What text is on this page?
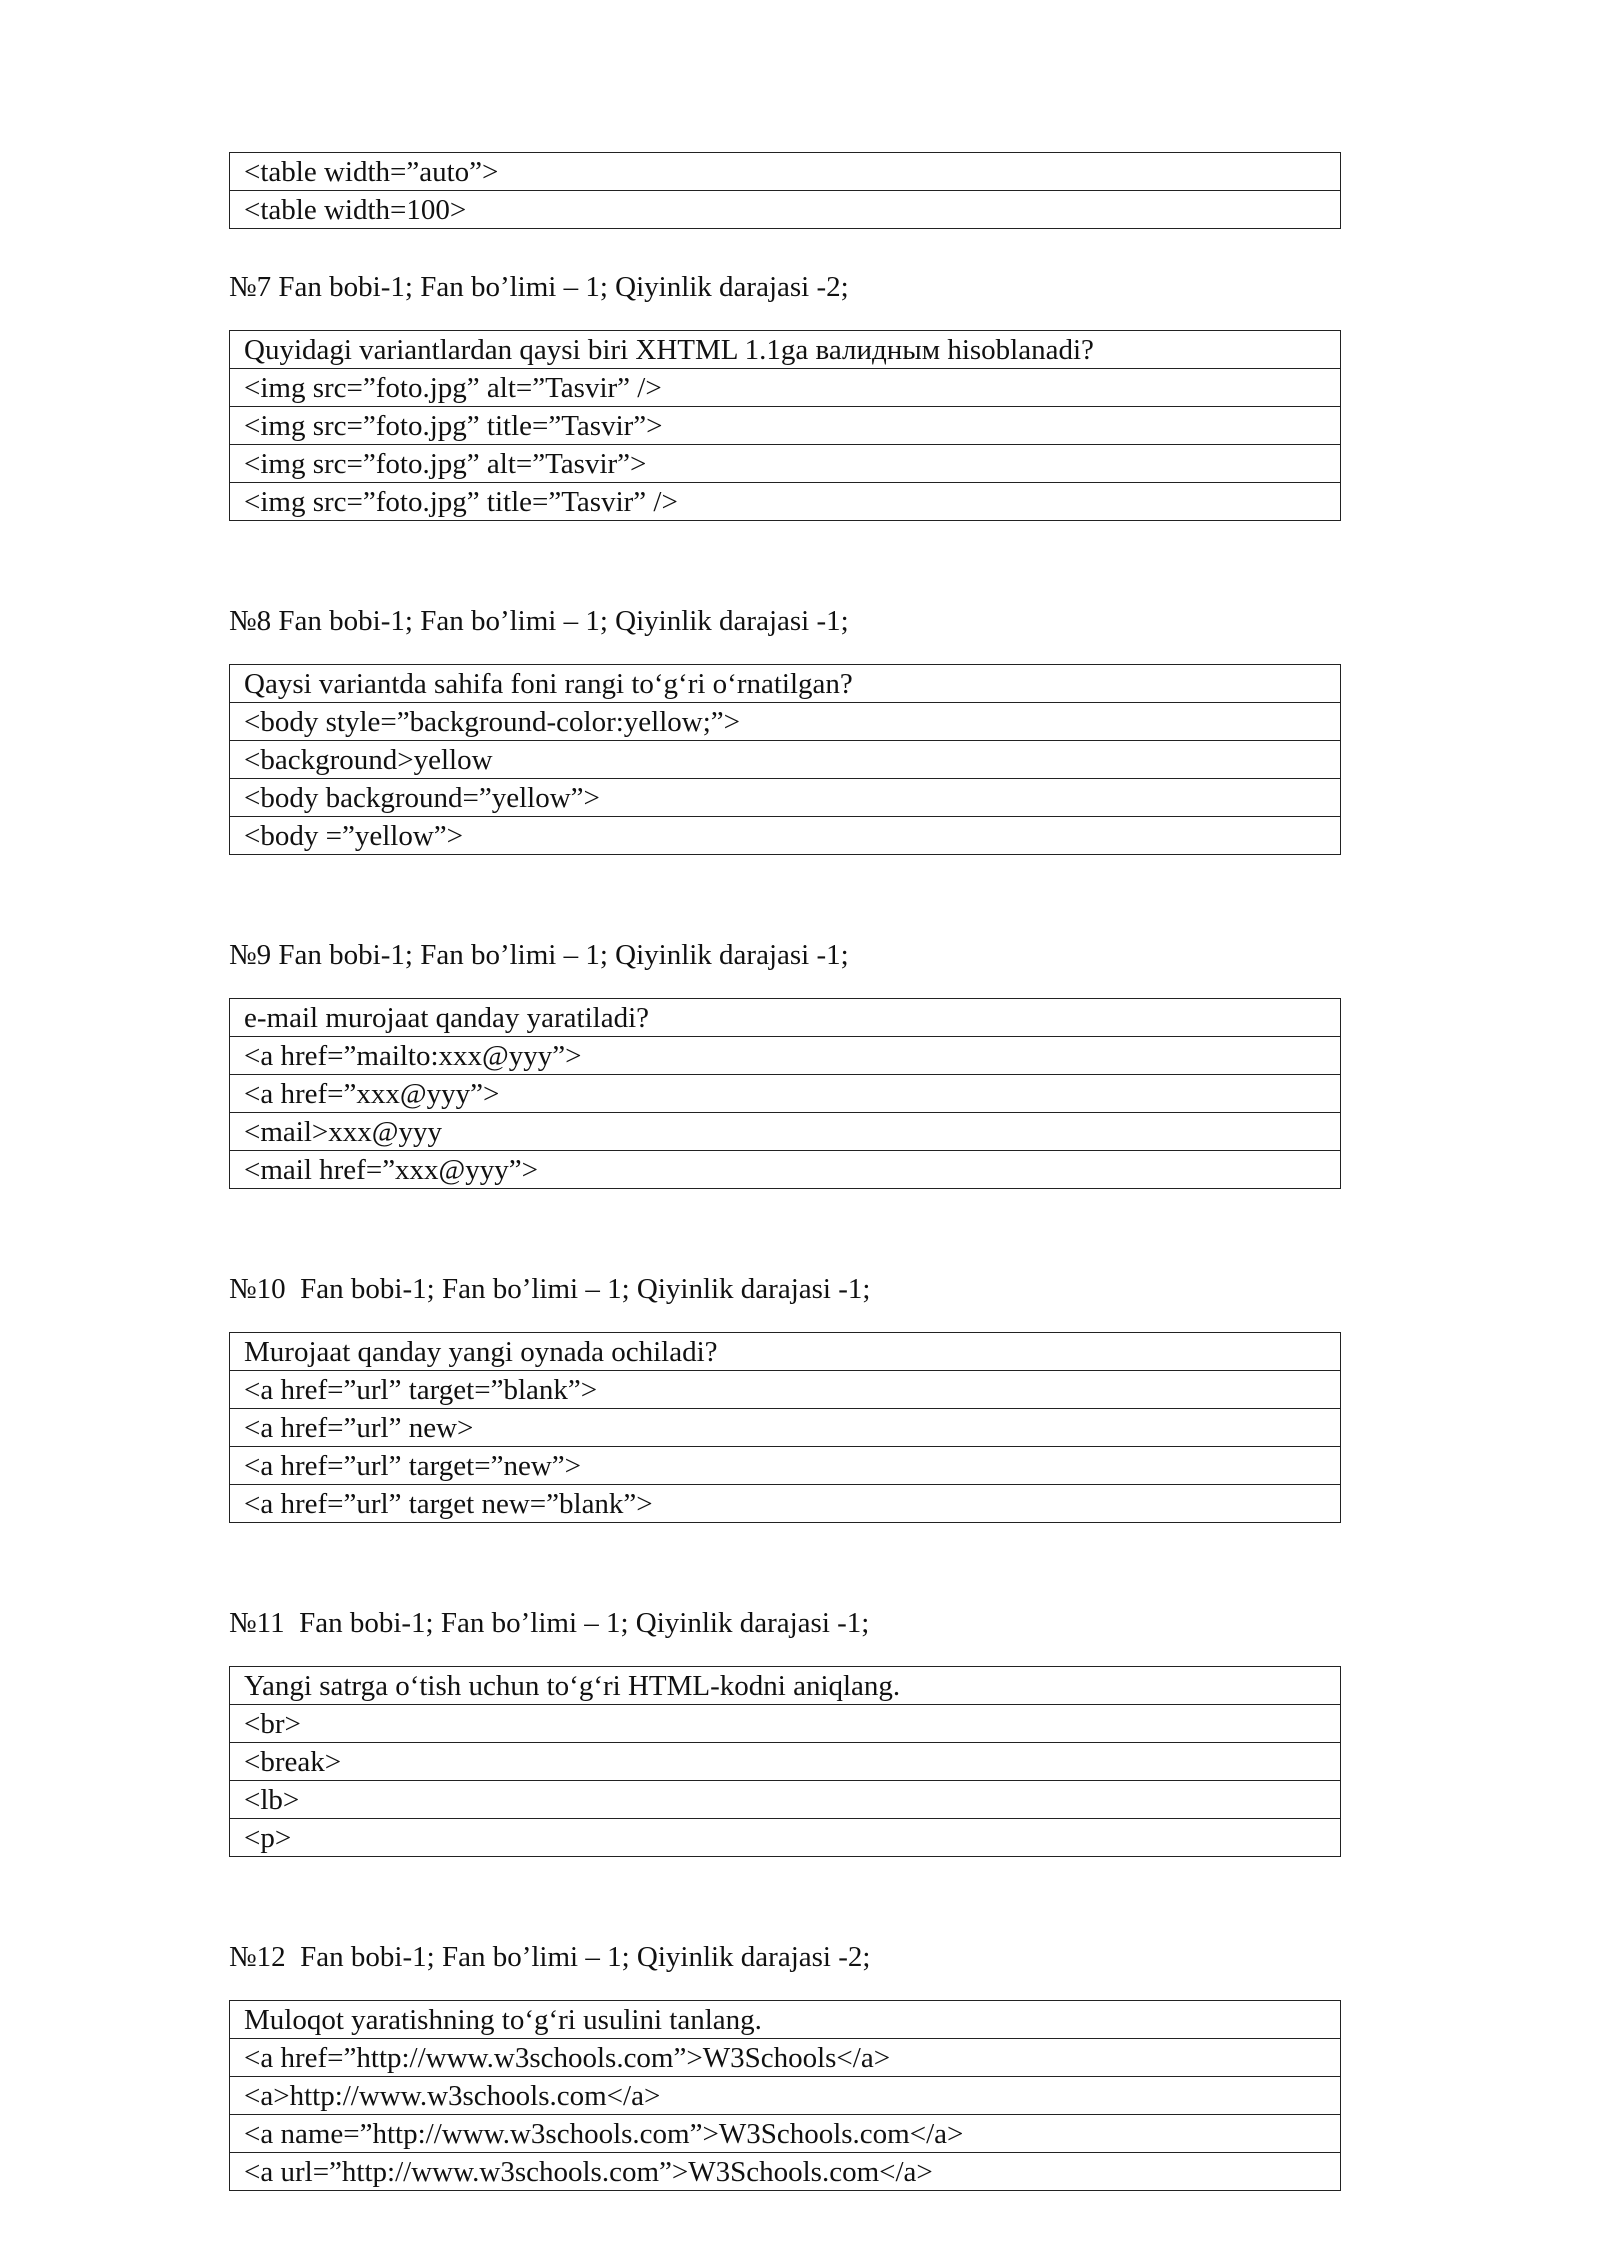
<table width=”auto”>
<table width=100>
№7 Fan bobi-1; Fan bo’limi – 1; Qiyinlik darajasi -2;
Quyidagi variantlardan qaysi biri XHTML 1.1ga валидным hisoblanadi?
<img src=”foto.jpg” alt=”Tasvir” />
<img src=”foto.jpg” title=”Tasvir”>
<img src=”foto.jpg” alt=”Tasvir”>
<img src=”foto.jpg” title=”Tasvir” />
№8 Fan bobi-1; Fan bo’limi – 1; Qiyinlik darajasi -1;
Qaysi variantda sahifa foni rangi to‘g‘ri o‘rnatilgan?
<body style=”background-color:yellow;”>
<background>yellow
<body background=”yellow”>
<body =”yellow”>
№9 Fan bobi-1; Fan bo’limi – 1; Qiyinlik darajasi -1;
e-mail murojaat qanday yaratiladi?
<a href=”mailto:xxx@yyy”>
<a href=”xxx@yyy”>
<mail>xxx@yyy
<mail href=”xxx@yyy”>
№10  Fan bobi-1; Fan bo’limi – 1; Qiyinlik darajasi -1;
Murojaat qanday yangi oynada ochiladi?
<a href=”url” target=”blank”>
<a href=”url” new>
<a href=”url” target=”new”>
<a href=”url” target new=”blank”>
№11  Fan bobi-1; Fan bo’limi – 1; Qiyinlik darajasi -1;
Yangi satrga o‘tish uchun to‘g‘ri HTML-kodni aniqlang.
<br>
<break>
<lb>
<p>
№12  Fan bobi-1; Fan bo’limi – 1; Qiyinlik darajasi -2;
Muloqot yaratishning to‘g‘ri usulini tanlang.
<a href=”http://www.w3schools.com”>W3Schools</a>
<a>http://www.w3schools.com</a>
<a name=”http://www.w3schools.com”>W3Schools.com</a>
<a url=”http://www.w3schools.com”>W3Schools.com</a>
